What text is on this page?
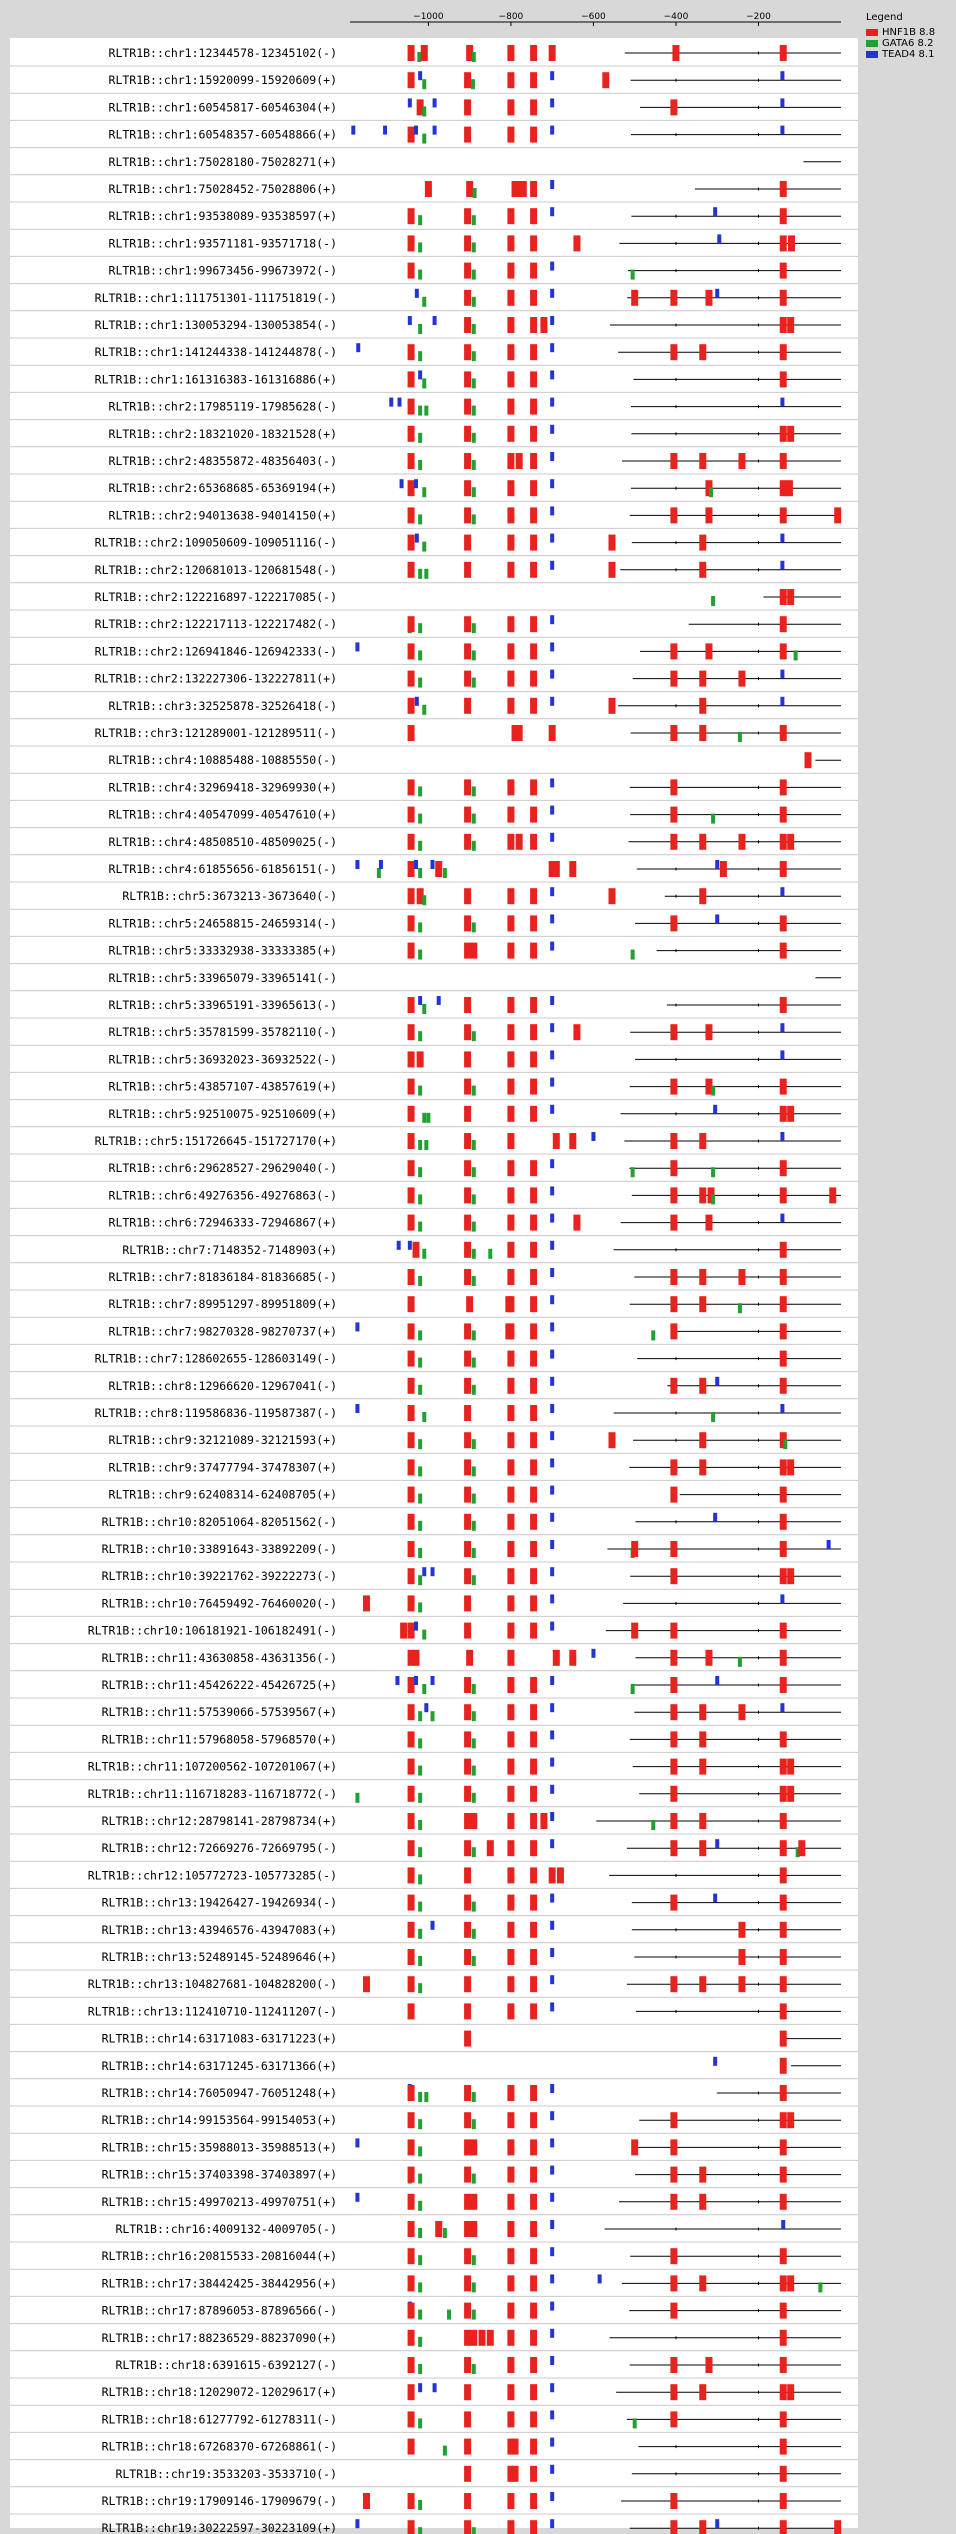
−1000	−800	−600	−400	−200
RLTR1B::chr1:12344578-12345102(-)
RLTR1B::chr1:15920099-15920609(+)
RLTR1B::chr1:60545817-60546304(+)
RLTR1B::chr1:60548357-60548866(+)
RLTR1B::chr1:75028180-75028271(+)
RLTR1B::chr1:75028452-75028806(+)
RLTR1B::chr1:93538089-93538597(+)
RLTR1B::chr1:93571181-93571718(-)
RLTR1B::chr1:99673456-99673972(-)
RLTR1B::chr1:111751301-111751819(-)
RLTR1B::chr1:130053294-130053854(-)
RLTR1B::chr1:141244338-141244878(-)
RLTR1B::chr1:161316383-161316886(+)
RLTR1B::chr2:17985119-17985628(-)
RLTR1B::chr2:18321020-18321528(+)
RLTR1B::chr2:48355872-48356403(-)
RLTR1B::chr2:65368685-65369194(+)
RLTR1B::chr2:94013638-94014150(+)
RLTR1B::chr2:109050609-109051116(-)
RLTR1B::chr2:120681013-120681548(-)
RLTR1B::chr2:122216897-122217085(-)
RLTR1B::chr2:122217113-122217482(-)
RLTR1B::chr2:126941846-126942333(-)
RLTR1B::chr2:132227306-132227811(+)
RLTR1B::chr3:32525878-32526418(-)
RLTR1B::chr3:121289001-121289511(-)
RLTR1B::chr4:10885488-10885550(-)
RLTR1B::chr4:32969418-32969930(+)
RLTR1B::chr4:40547099-40547610(+)
RLTR1B::chr4:48508510-48509025(-)
RLTR1B::chr4:61855656-61856151(-)
RLTR1B::chr5:3673213-3673640(-)
RLTR1B::chr5:24658815-24659314(-)
RLTR1B::chr5:33332938-33333385(+)
RLTR1B::chr5:33965079-33965141(-)
RLTR1B::chr5:33965191-33965613(-)
RLTR1B::chr5:35781599-35782110(-)
RLTR1B::chr5:36932023-36932522(-)
RLTR1B::chr5:43857107-43857619(+)
RLTR1B::chr5:92510075-92510609(+)
RLTR1B::chr5:151726645-151727170(+)
RLTR1B::chr6:29628527-29629040(-)
RLTR1B::chr6:49276356-49276863(-)
RLTR1B::chr6:72946333-72946867(+)
RLTR1B::chr7:7148352-7148903(+)
RLTR1B::chr7:81836184-81836685(-)
RLTR1B::chr7:89951297-89951809(+)
RLTR1B::chr7:98270328-98270737(+)
RLTR1B::chr7:128602655-128603149(-)
RLTR1B::chr8:12966620-12967041(-)
RLTR1B::chr8:119586836-119587387(-)
RLTR1B::chr9:32121089-32121593(+)
RLTR1B::chr9:37477794-37478307(+)
RLTR1B::chr9:62408314-62408705(+)
RLTR1B::chr10:82051064-82051562(-)
RLTR1B::chr10:33891643-33892209(-)
RLTR1B::chr10:39221762-39222273(-)
RLTR1B::chr10:76459492-76460020(-)
RLTR1B::chr10:106181921-106182491(-)
RLTR1B::chr11:43630858-43631356(-)
RLTR1B::chr11:45426222-45426725(+)
RLTR1B::chr11:57539066-57539567(+)
RLTR1B::chr11:57968058-57968570(+)
RLTR1B::chr11:107200562-107201067(+)
RLTR1B::chr11:116718283-116718772(-)
RLTR1B::chr12:28798141-28798734(+)
RLTR1B::chr12:72669276-72669795(-)
RLTR1B::chr12:105772723-105773285(-)
RLTR1B::chr13:19426427-19426934(-)
RLTR1B::chr13:43946576-43947083(+)
RLTR1B::chr13:52489145-52489646(+)
RLTR1B::chr13:104827681-104828200(-)
RLTR1B::chr13:112410710-112411207(-)
RLTR1B::chr14:63171083-63171223(+)
RLTR1B::chr14:63171245-63171366(+)
RLTR1B::chr14:76050947-76051248(+)
RLTR1B::chr14:99153564-99154053(+)
RLTR1B::chr15:35988013-35988513(+)
RLTR1B::chr15:37403398-37403897(+)
RLTR1B::chr15:49970213-49970751(+)
RLTR1B::chr16:4009132-4009705(-)
RLTR1B::chr16:20815533-20816044(+)
RLTR1B::chr17:38442425-38442956(+)
RLTR1B::chr17:87896053-87896566(-)
RLTR1B::chr17:88236529-88237090(+)
RLTR1B::chr18:6391615-6392127(-)
RLTR1B::chr18:12029072-12029617(+)
RLTR1B::chr18:61277792-61278311(-)
RLTR1B::chr18:67268370-67268861(-)
RLTR1B::chr19:3533203-3533710(-)
RLTR1B::chr19:17909146-17909679(-)
RLTR1B::chr19:30222597-30223109(+)
Legend
HNF1B
8.8
GATA6
8.2
TEAD4
8.1
